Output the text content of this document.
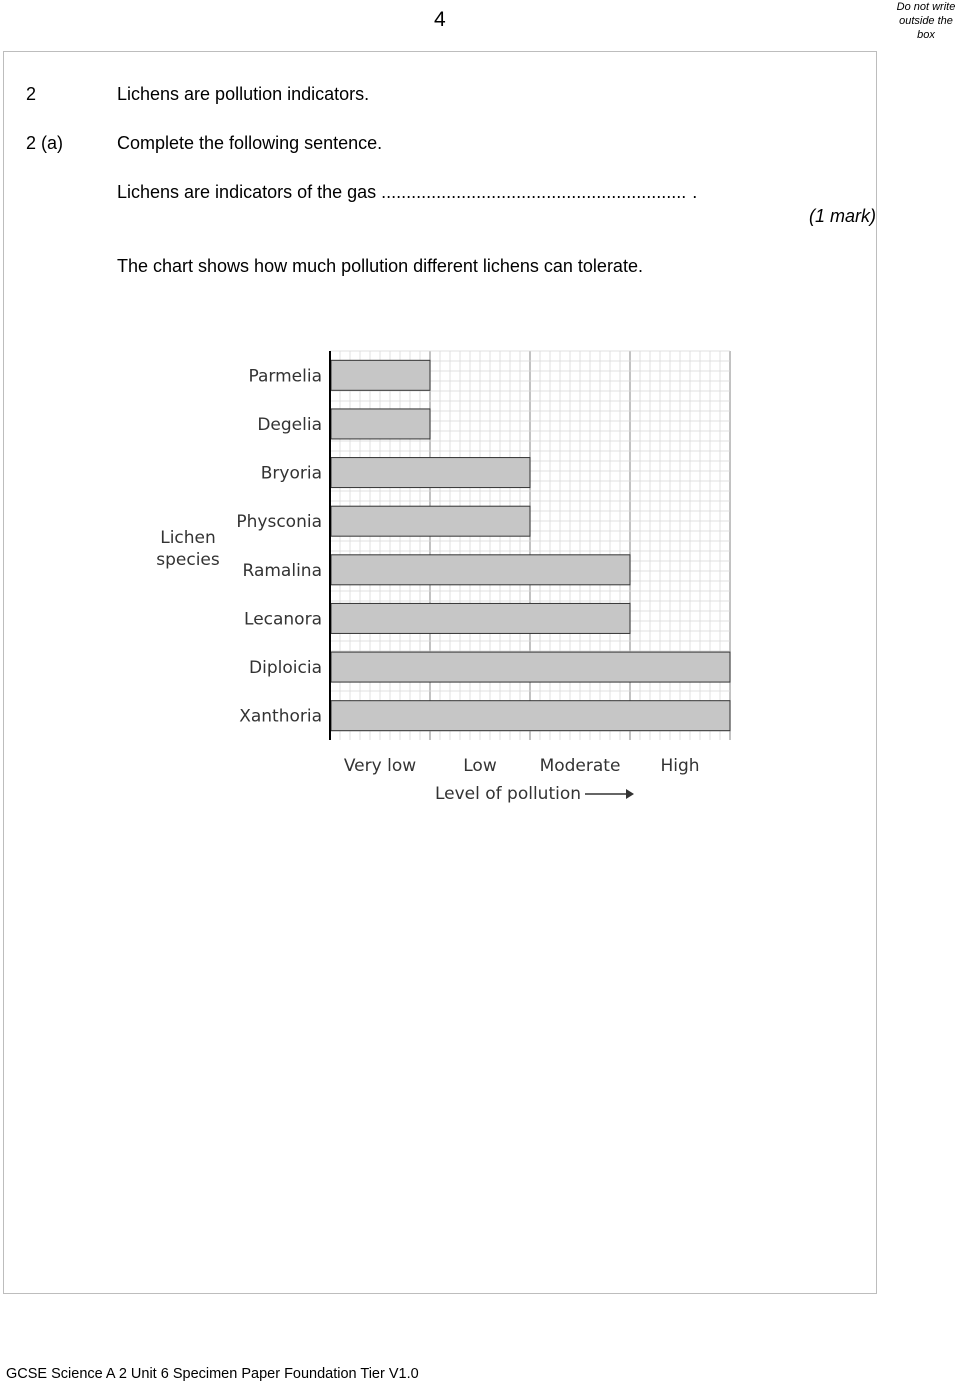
4
Do not write
outside the
box
2	Lichens are pollution indicators.
2 (a)	Complete the following sentence.
Lichens are indicators of the gas ............................................................. .
(1 mark)
The chart shows how much pollution different lichens can tolerate.
Parmelia
Degelia
Bryoria
Physconia
Ramalina
Lecanora
Diploicia
Xanthoria
Very low	Low	Moderate High
Lichen
species
Level of pollution
GCSE Science A 2 Unit 6 Specimen Paper Foundation Tier V1.0
